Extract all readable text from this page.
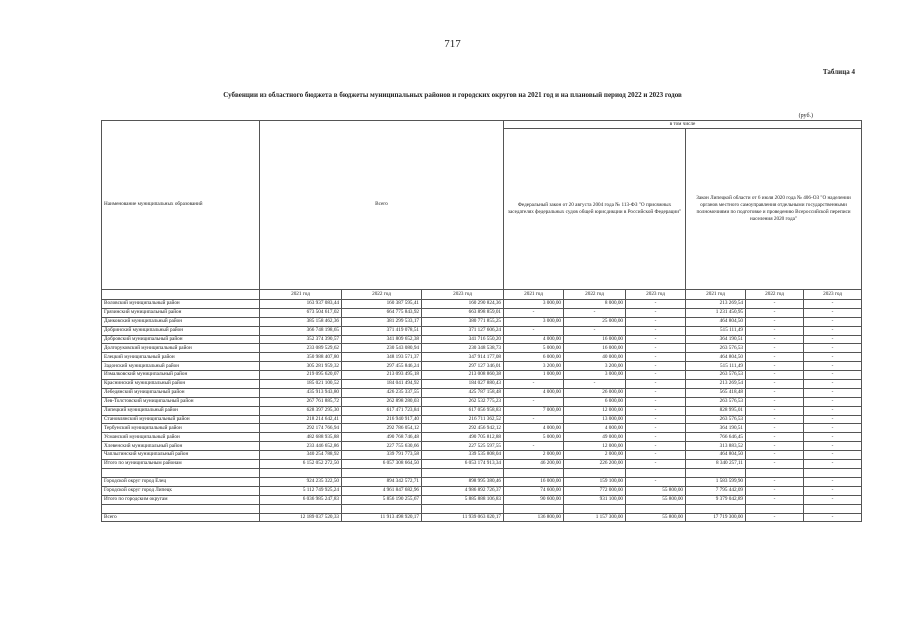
717
Таблица 4
Субвенции из областного бюджета в бюджеты муниципальных районов и городских округов на 2021 год и на плановый период 2022 и 2023 годов
(руб.)
Наименование муниципальных образований	Всего			в том числе					
				Федеральный закон от 20 августа 2004 года № 113-ФЗ "О присяжных заседателях федеральных судов общей юрисдикции в Российской Федерации"			Закон Липецкой области от 6 июля 2020 года № 406-ОЗ "О наделении органов местного самоуправления отдельными государственными полномочиями по подготовке и проведению Всероссийской переписи населения 2020 года"		
	2021 год	2022 год	2023 год	2021 год	2022 год	2023 год	2021 год	2022 год	2023 год
Воловский муниципальный район	163 937 083,44	160 387 595,41	160 290 824,36	3 000,00	8 000,00	-	213 269,54	-	-
Грязинский муниципальный район	673 504 617,02	664 775 843,92	663 898 859,01	-	-	-	1 231 450,95	-	-
Данковский муниципальный район	385 158 462,36	381 299 533,17	380 771 855,25	3 000,00	25 000,00	-	464 804,50	-	-
Добринский муниципальный район	366 748 198,65	371 419 078,51	371 127 606,24	-	-	-	515 111,49	-	-
Добровский муниципальный район	352 374 390,57	341 809 652,38	341 716 550,20	4 000,00	16 000,00	-	364 190,51	-	-
Долгоруковский муниципальный район	233 089 529,62	230 543 080,94	230 348 538,73	5 000,00	16 000,00	-	263 576,53	-	-
Елецкий муниципальный район	350 988 407,80	348 193 571,37	347 914 177,08	6 000,00	40 000,00	-	464 804,50	-	-
Задонский муниципальный район	305 281 959,32	297 455 846,24	297 127 346,01	3 200,00	3 200,00	-	515 111,49	-	-
Измалковский муниципальный район	219 095 620,07	213 093 495,18	213 008 860,38	1 000,00	3 000,00	-	263 576,53	-	-
Краснинский муниципальный район	185 021 100,52	184 041 494,92	184 027 880,43	-	-	-	213 269,54	-	-
Лебедянский муниципальный район	435 913 943,80	426 235 337,55	425 787 158,48	4 000,00	26 000,00	-	565 418,48	-	-
Лев-Толстовский муниципальный район	267 761 885,72	262 898 280,03	262 532 775,23	-	6 000,00	-	263 576,53	-	-
Липецкий муниципальный район	628 397 295,30	617 471 723,84	617 056 958,83	7 000,00	12 000,00	-	828 995,01	-	-
Становлянский муниципальный район	218 214 642,41	216 940 917,40	216 711 362,52	-	13 000,00	-	263 576,53	-	-
Тербунский муниципальный район	292 174 766,94	292 786 054,12	292 456 942,12	4 000,00	4 000,00	-	364 190,51	-	-
Усманский муниципальный район	482 688 935,88	490 768 746,48	490 705 812,88	5 000,00	49 000,00	-	766 646,45	-	-
Хлевенский муниципальный район	233 446 652,86	227 755 630,66	227 525 597,55	-	12 000,00	-	313 883,52	-	-
Чаплыгинский муниципальный район	340 254 788,92	339 791 773,58	339 535 808,04	2 000,00	2 000,00	-	464 804,50	-	-
Итого по муниципальным районам	6 152 052 272,50	6 057 308 664,50	6 053 174 913,34	46 200,00	226 200,00	-	8 340 257,11	-	-

Городской округ город Елец	924 235 322,50	894 342 572,71	898 995 380,46	16 000,00	159 100,00	-	1 583 599,90	-	-
Городской округ город Липецк	5 112 749 925,24	4 961 847 682,96	4 986 892 726,37	74 600,00	772 000,00	55 800,00	7 795 442,09	-	-
Итого по городским округам	6 036 985 247,83	5 856 190 255,67	5 885 888 106,83	90 600,00	931 100,00	55 800,00	9 379 042,89	-	-

Всего	12 189 037 520,33	11 913 498 920,17	11 939 063 020,17	136 800,00	1 157 300,00	55 800,00	17 719 300,00	-	-
